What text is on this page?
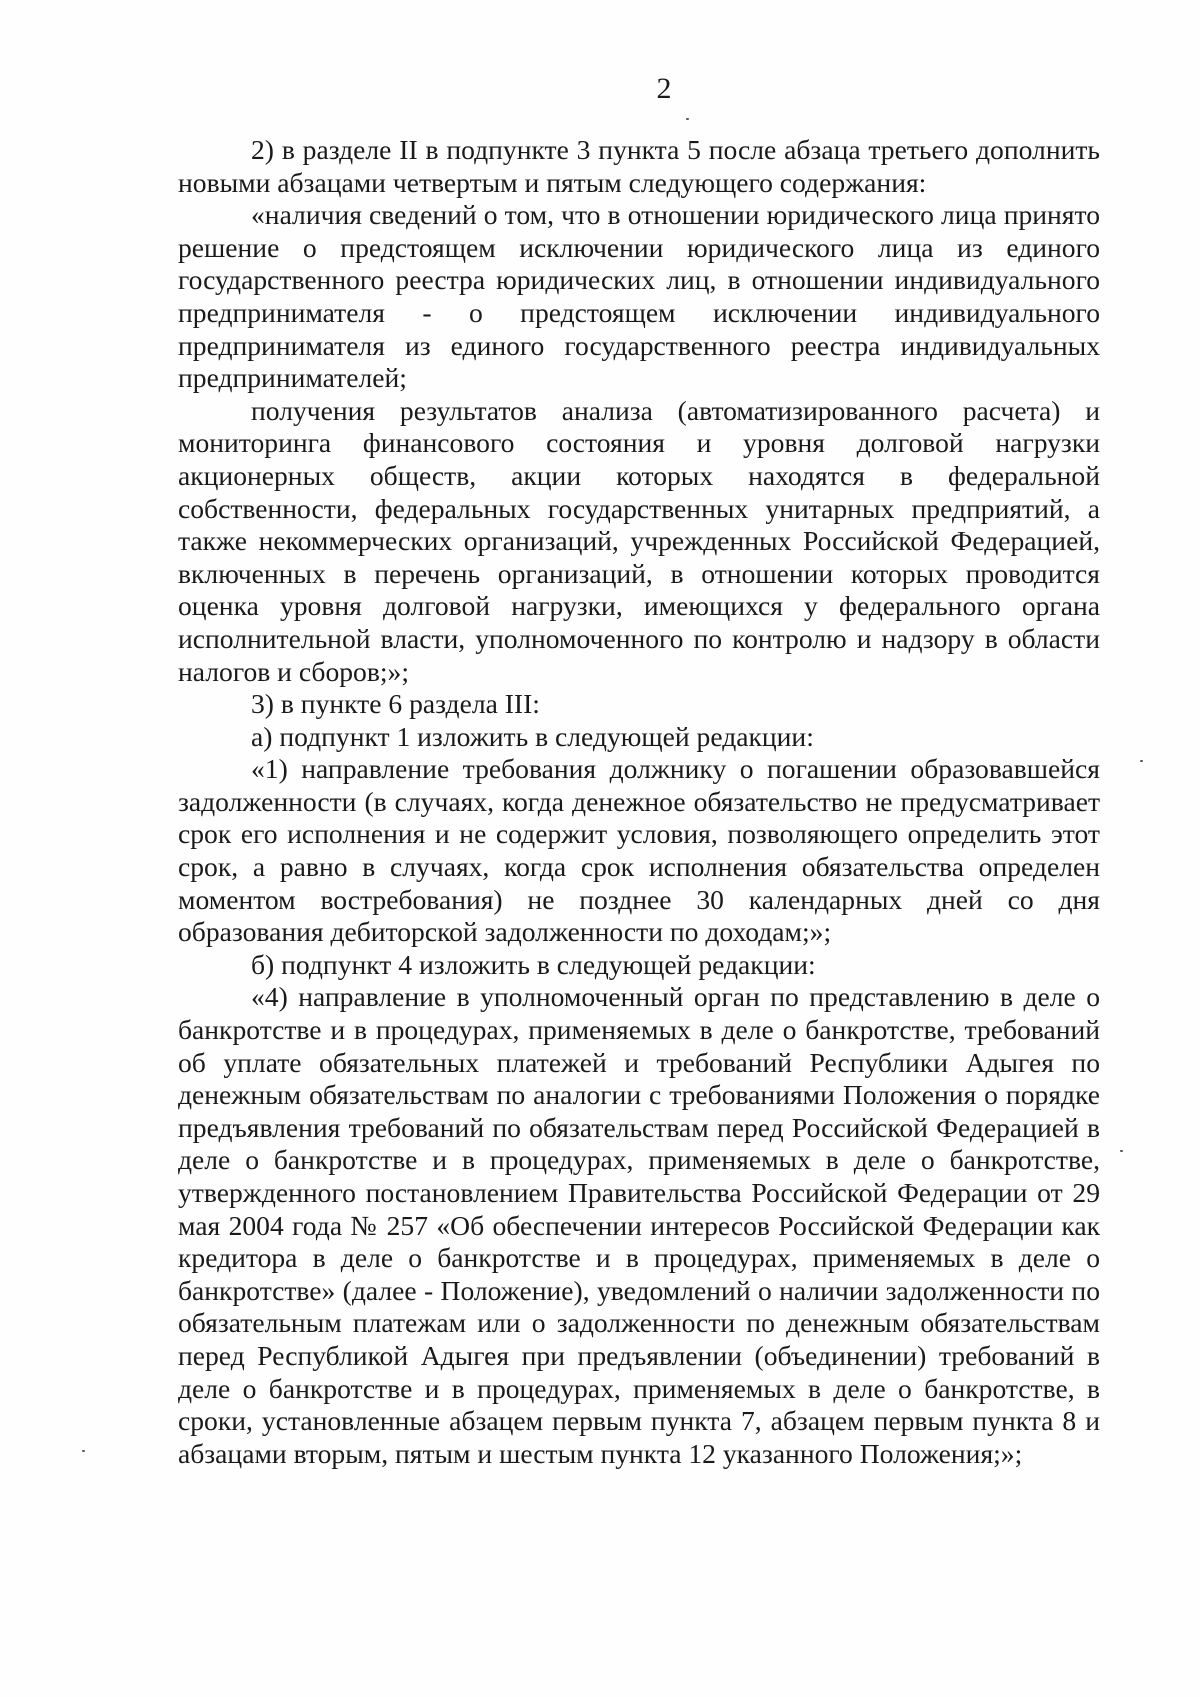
2

2) в разделе II в подпункте 3 пункта 5 после абзаца третьего дополнить новыми абзацами четвертым и пятым следующего содержания:

«наличия сведений о том, что в отношении юридического лица принято решение о предстоящем исключении юридического лица из единого государственного реестра юридических лиц, в отношении индивидуального предпринимателя - о предстоящем исключении индивидуального предпринимателя из единого государственного реестра индивидуальных предпринимателей;

получения результатов анализа (автоматизированного расчета) и мониторинга финансового состояния и уровня долговой нагрузки акционерных обществ, акции которых находятся в федеральной собственности, федеральных государственных унитарных предприятий, а также некоммерческих организаций, учрежденных Российской Федерацией, включенных в перечень организаций, в отношении которых проводится оценка уровня долговой нагрузки, имеющихся у федерального органа исполнительной власти, уполномоченного по контролю и надзору в области налогов и сборов;»;

3) в пункте 6 раздела III:

а) подпункт 1 изложить в следующей редакции:

«1) направление требования должнику о погашении образовавшейся задолженности (в случаях, когда денежное обязательство не предусматривает срок его исполнения и не содержит условия, позволяющего определить этот срок, а равно в случаях, когда срок исполнения обязательства определен моментом востребования) не позднее 30 календарных дней со дня образования дебиторской задолженности по доходам;»;

б) подпункт 4 изложить в следующей редакции:

«4) направление в уполномоченный орган по представлению в деле о банкротстве и в процедурах, применяемых в деле о банкротстве, требований об уплате обязательных платежей и требований Республики Адыгея по денежным обязательствам по аналогии с требованиями Положения о порядке предъявления требований по обязательствам перед Российской Федерацией в деле о банкротстве и в процедурах, применяемых в деле о банкротстве, утвержденного постановлением Правительства Российской Федерации от 29 мая 2004 года № 257 «Об обеспечении интересов Российской Федерации как кредитора в деле о банкротстве и в процедурах, применяемых в деле о банкротстве» (далее - Положение), уведомлений о наличии задолженности по обязательным платежам или о задолженности по денежным обязательствам перед Республикой Адыгея при предъявлении (объединении) требований в деле о банкротстве и в процедурах, применяемых в деле о банкротстве, в сроки, установленные абзацем первым пункта 7, абзацем первым пункта 8 и абзацами вторым, пятым и шестым пункта 12 указанного Положения;»;
